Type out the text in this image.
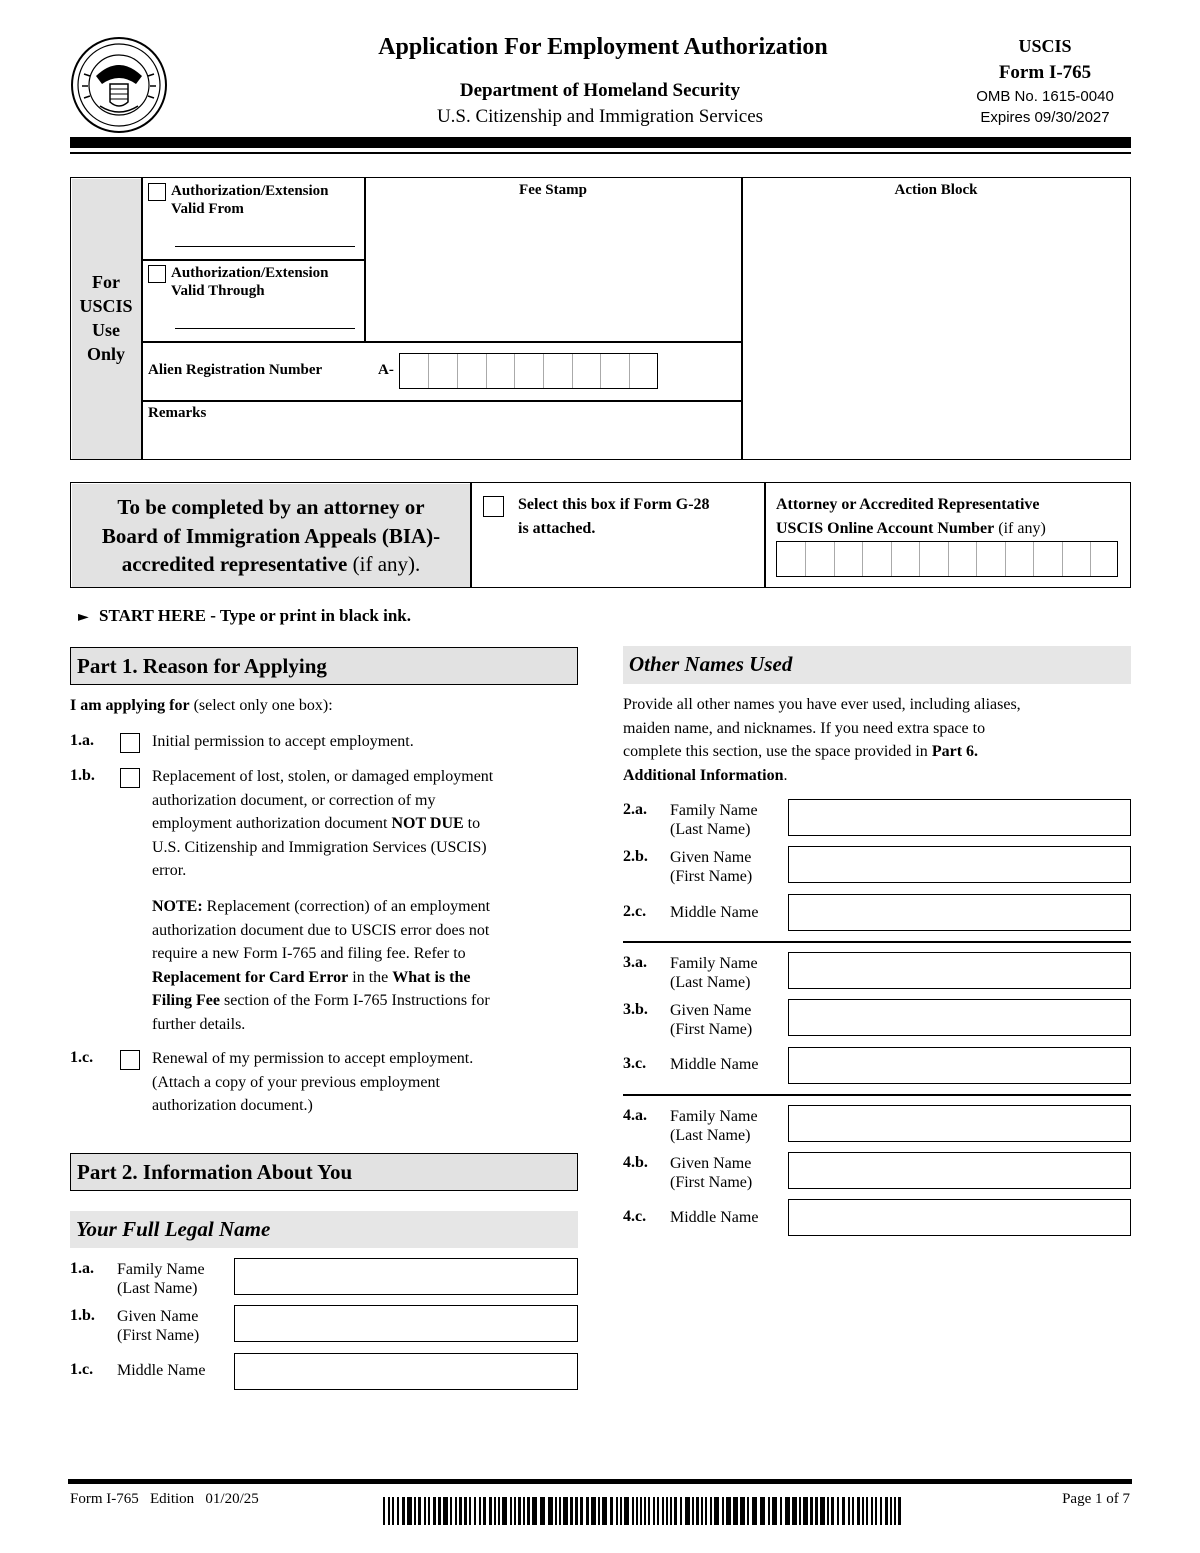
Application For Employment Authorization
Department of Homeland Security
U.S. Citizenship and Immigration Services
USCIS
Form I-765
OMB No. 1615-0040
Expires 09/30/2027
For
USCIS
Use
Only
Authorization/Extension
Valid From
Authorization/Extension
Valid Through
Fee Stamp	Action Block
Alien Registration Number	A-
Remarks
To be completed by an attorney or
Board of Immigration Appeals (BIA)-
accredited representative (if any).
Select this box if Form G-28
is attached.
Attorney or Accredited Representative
USCIS Online Account Number (if any)
► START HERE - Type or print in black ink.
Part 1. Reason for Applying
I am applying for (select only one box):
1.a.	Initial permission to accept employment.
1.b.	Replacement of lost, stolen, or damaged employment
authorization document, or correction of my
employment authorization document NOT DUE to
U.S. Citizenship and Immigration Services (USCIS)
error.
NOTE: Replacement (correction) of an employment
authorization document due to USCIS error does not
require a new Form I-765 and filing fee. Refer to
Replacement for Card Error in the What is the
Filing Fee section of the Form I-765 Instructions for
further details.
1.c.	Renewal of my permission to accept employment.
(Attach a copy of your previous employment
authorization document.)
Part 2. Information About You
Your Full Legal Name
1.a. Family Name
(Last Name)
1.b. Given Name
(First Name)
1.c. Middle Name
Other Names Used
Provide all other names you have ever used, including aliases,
maiden name, and nicknames. If you need extra space to
complete this section, use the space provided in Part 6.
Additional Information.
2.a. Family Name
(Last Name)
2.b. Given Name
(First Name)
2.c. Middle Name
3.a. Family Name
(Last Name)
3.b. Given Name
(First Name)
3.c. Middle Name
4.a. Family Name
(Last Name)
4.b. Given Name
(First Name)
4.c. Middle Name
Form I-765   Edition   01/20/25	Page 1 of 7
